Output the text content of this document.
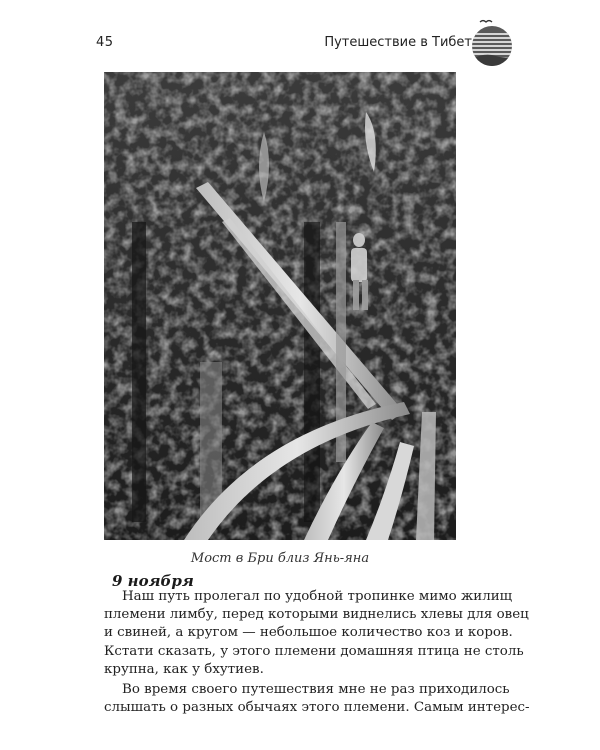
45	Путешествие в Тибет
Мост в Бри близ Янь-яна
9 ноября
Наш путь пролегал по удобной тропинке мимо жилищ
племени лимбу, перед которыми виднелись хлевы для овец
и свиней, а кругом — небольшое количество коз и коров.
Кстати сказать, у этого племени домашняя птица не столь
крупна, как у бхутиев.
Во время своего путешествия мне не раз приходилось
слышать о разных обычаях этого племени. Самым интерес-
